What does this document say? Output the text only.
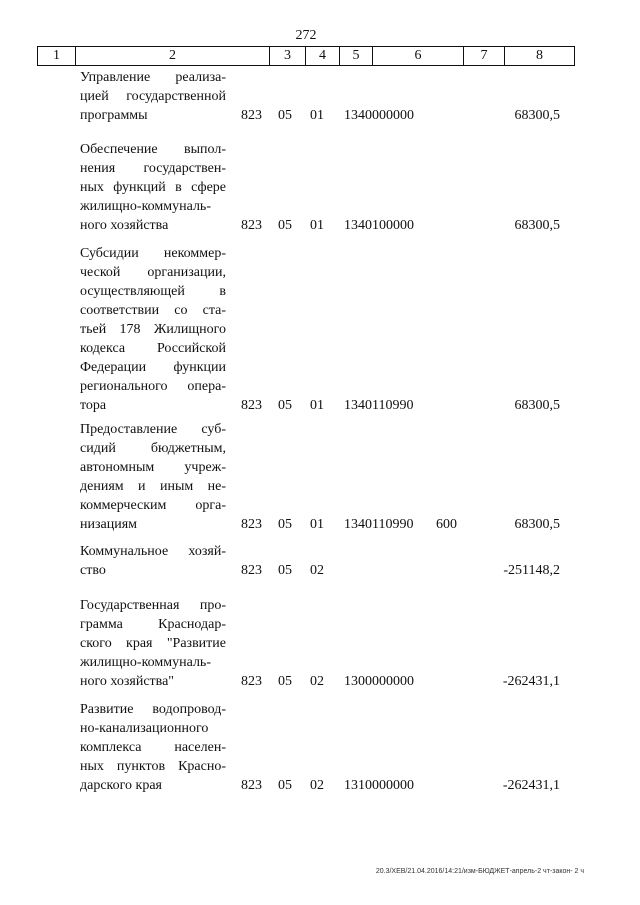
272
1	2	3	4	5	6	7	8
Управление реализа-
цией государственной
программы	823 05 01 1340000000	68300,5
Обеспечение выпол-
нения государствен-
ных функций в сфере
жилищно-коммуналь-
ного хозяйства	823 05 01 1340100000	68300,5
Субсидии некоммер-
ческой организации,
осуществляющей в
соответствии со ста-
тьей 178 Жилищного
кодекса Российской
Федерации функции
регионального опера-
тора	823 05 01 1340110990	68300,5
Предоставление суб-
сидий бюджетным,
автономным учреж-
дениям и иным не-
коммерческим орга-
низациям	823 05 01 1340110990 600	68300,5
Коммунальное хозяй-
ство	823 05 02	-251148,2
Государственная про-
грамма Краснодар-
ского края "Развитие
жилищно-коммуналь-
ного хозяйства"	823 05 02 1300000000	-262431,1
Развитие водопровод-
но-канализационного
комплекса населен-
ных пунктов Красно-
дарского края	823 05 02 1310000000	-262431,1
20.3/ХЕВ/21.04.2016/14:21/изм-БЮДЖЕТ-апрель-2 чт-закон- 2 ч
